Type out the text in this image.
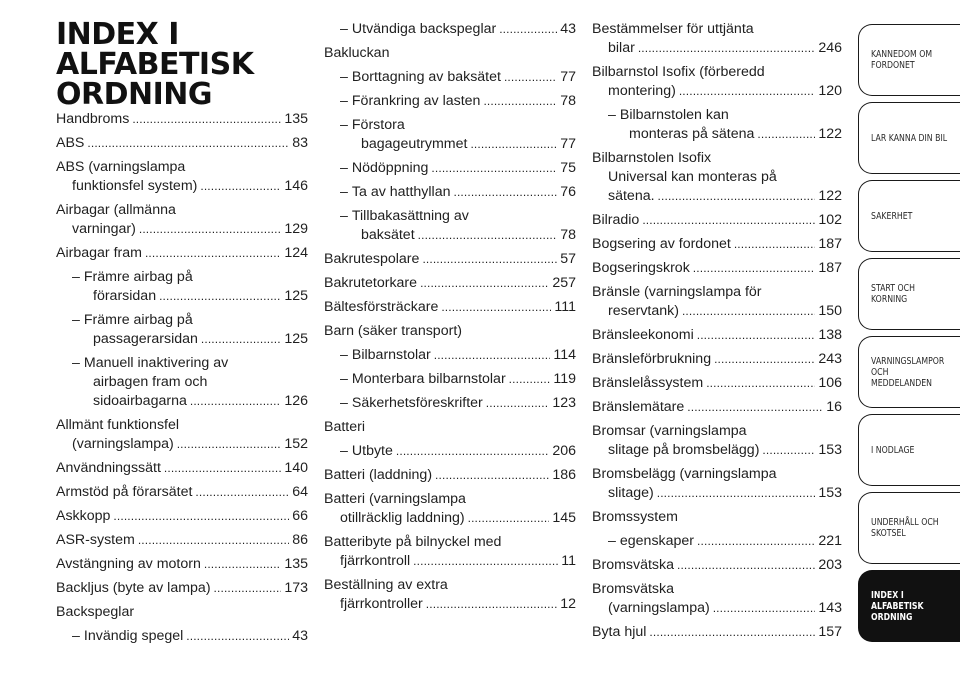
INDEX I
ALFABETISK
ORDNING
Handbroms . . .	135
ABS . . .	83
ABS (varningslampa
funktionsfel system) . . .	146
Airbagar (allmänna
varningar) . . .	129
Airbagar fram . . .	124
– Främre airbag på
förarsidan . . .	125
– Främre airbag på
passagerarsidan . . .	125
– Manuell inaktivering av
airbagen fram och
sidoairbagarna . . .	126
Allmänt funktionsfel
(varningslampa) . . .	152
Användningssätt . . .	140
Armstöd på förarsätet . . .	64
Askkopp . . .	66
ASR-system . . .	86
Avstängning av motorn . . .	135
Backljus (byte av lampa) . . .	173
Backspeglar
– Invändig spegel . . .	43
– Utvändiga backspeglar . . .	43
Bakluckan
– Borttagning av baksätet . . .	77
– Förankring av lasten . . .	78
– Förstora
bagageutrymmet . . .	77
– Nödöppning . . .	75
– Ta av hatthyllan . . .	76
– Tillbakasättning av
baksätet . . .	78
Bakrutespolare . . .	57
Bakrutetorkare . . .	257
Bältesförsträckare . . .	111
Barn (säker transport)
– Bilbarnstolar . . .	114
– Monterbara bilbarnstolar . . .	119
– Säkerhetsföreskrifter . . .	123
Batteri
– Utbyte . . .	206
Batteri (laddning) . . .	186
Batteri (varningslampa
otillräcklig laddning) . . .	145
Batteribyte på bilnyckel med
fjärrkontroll . . .	11
Beställning av extra
fjärrkontroller . . .	12
Bestämmelser för uttjänta
bilar . . .	246
Bilbarnstol Isofix (förberedd
montering) . . .	120
– Bilbarnstolen kan
monteras på sätena . . .	122
Bilbarnstolen Isofix
Universal kan monteras på
sätena. . . .	122
Bilradio . . .	102
Bogsering av fordonet . . .	187
Bogseringskrok . . .	187
Bränsle (varningslampa för
reservtank) . . .	150
Bränsleekonomi . . .	138
Bränsleförbrukning . . .	243
Bränslelåssystem . . .	106
Bränslemätare . . .	16
Bromsar (varningslampa
slitage på bromsbelägg) . . .	153
Bromsbelägg (varningslampa
slitage) . . .	153
Bromssystem
– egenskaper . . .	221
Bromsvätska . . .	203
Bromsvätska
(varningslampa) . . .	143
Byta hjul . . .	157
KÄNNEDOM OM
FORDONET
LÄR KÄNNA DIN BIL
SÄKERHET
START OCH
KÖRNING
VARNINGSLAMPOR
OCH
MEDDELANDEN
I NÖDLÄGE
UNDERHÅLL OCH
SKÖTSEL
INDEX I
ALFABETISK
ORDNING
